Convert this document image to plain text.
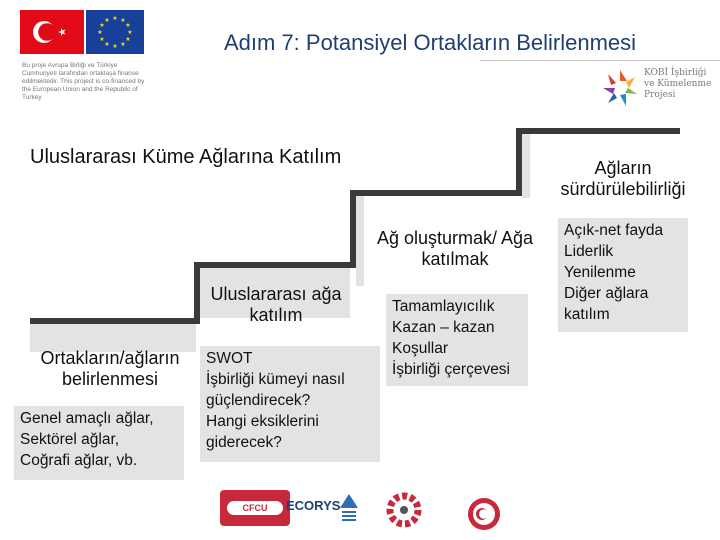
★ ★
★
★
★
★
★
★
★
★
★
★
Bu proje Avrupa Birliği ve Türkiye Cumhuriyeti tarafından ortaklaşa finanse edilmektedir. This project is co-financed by the European Union and the Republic of Turkey
Adım 7: Potansiyel Ortakların Belirlenmesi
KOBİ İşbirliği ve Kümelenme Projesi
Uluslararası Küme Ağlarına Katılım
Ortakların/ağların belirlenmesi
Uluslararası ağa katılım
Ağ oluşturmak/ Ağa katılmak
Ağların sürdürülebilirliği
Genel amaçlı ağlar,
Sektörel ağlar,
Coğrafi ağlar, vb.
SWOT
İşbirliği kümeyi nasıl
güçlendirecek?
Hangi eksiklerini
giderecek?
Tamamlayıcılık
Kazan – kazan
Koşullar
İşbirliği çerçevesi
Açık-net fayda
Liderlik
Yenilenme
Diğer ağlara
katılım
CFCU	ECORYS
